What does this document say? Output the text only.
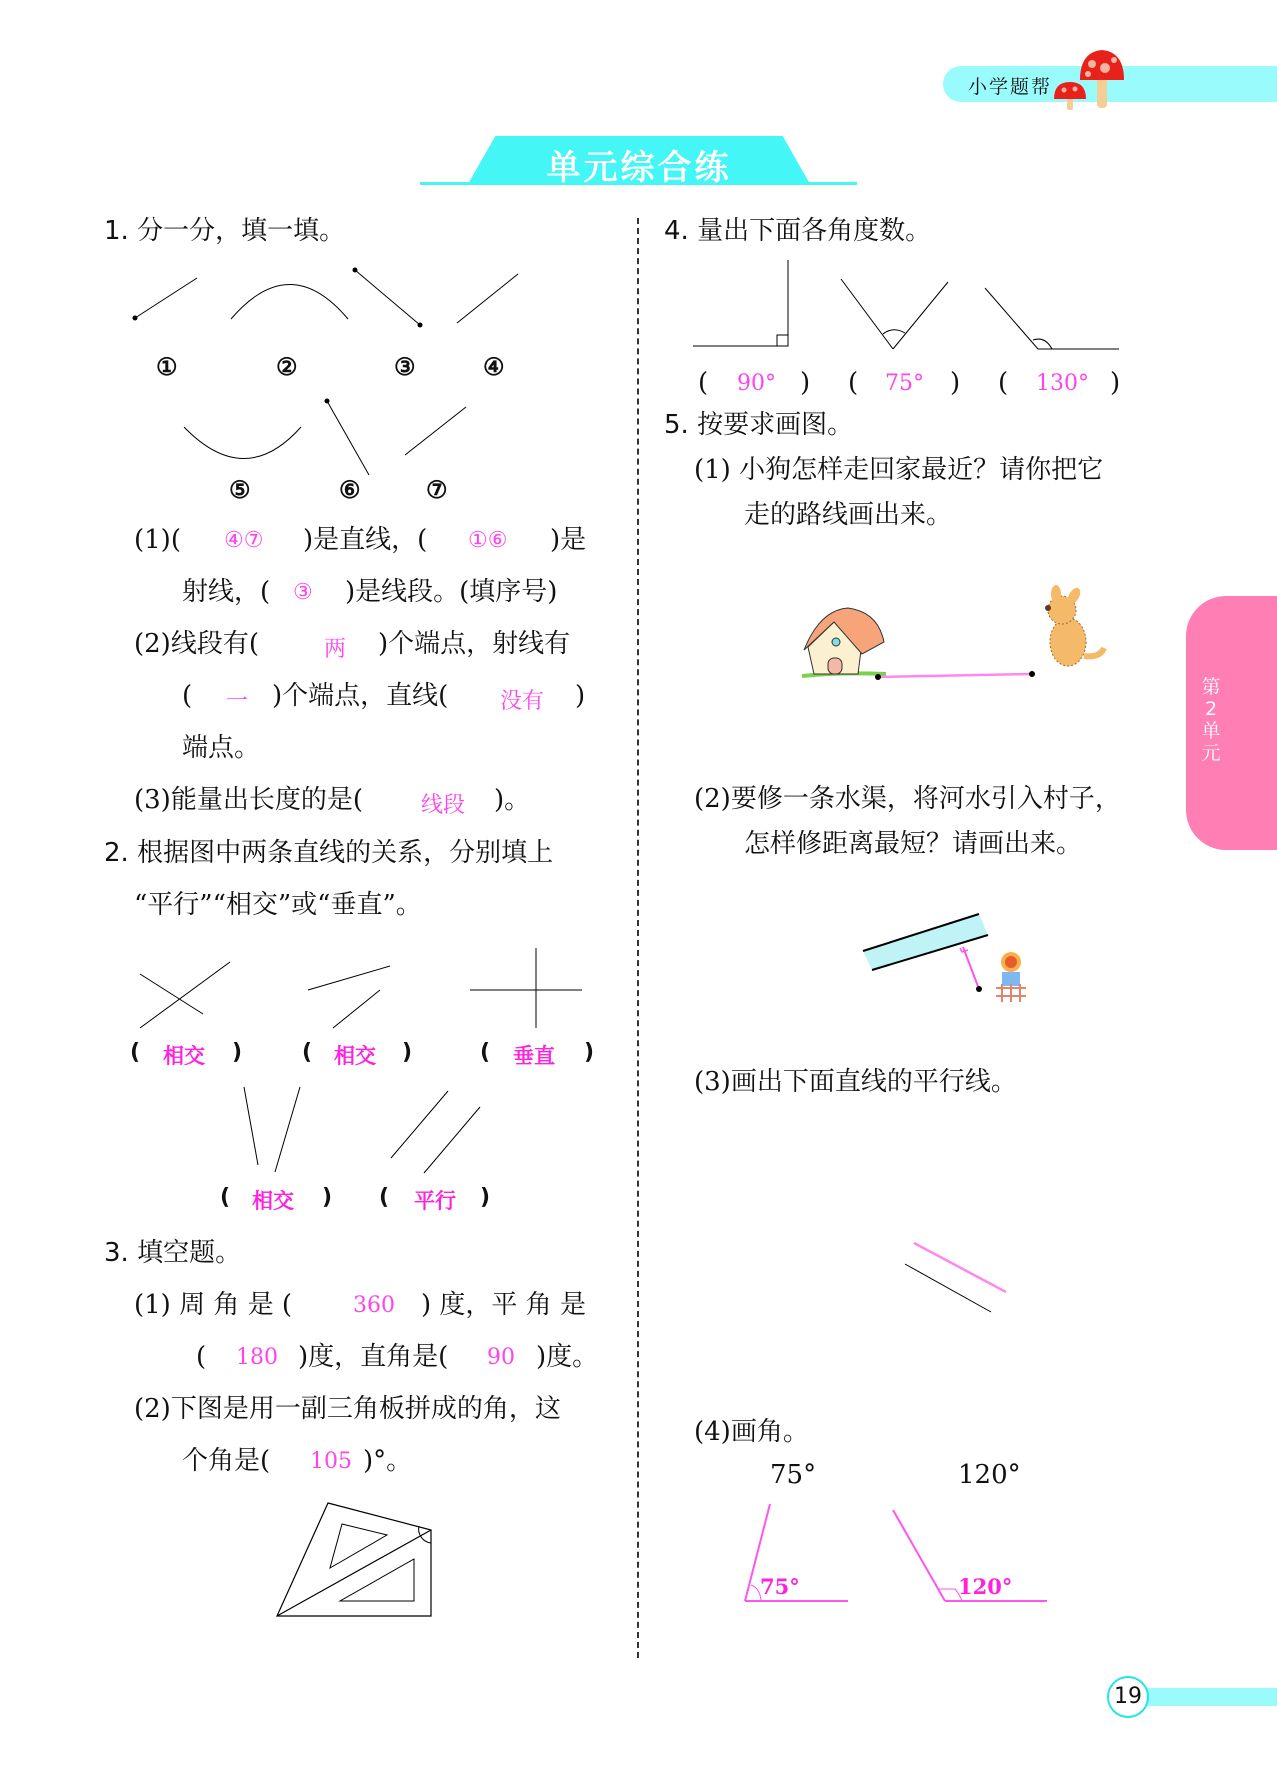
小学题帮
单元综合练
第2单元
1. 分一分，填一填。
①	②	③	④
⑤	⑥	⑦
(1)( ④⑦ )是直线，( ①⑥ )是
射线，( ③ )是线段。(填序号)
(2)线段有(	两 )个端点，射线有
( 一 )个端点，直线( 没有 )
端点。
(3)能量出长度的是(	线段 )。
2. 根据图中两条直线的关系，分别填上
“平行”“相交”或“垂直”。
( 相交 )	( 相交 )	( 垂直 )
( 相交 ) ( 平行 )
3. 填空题。
(1) 周 角 是 (	360 ) 度，平 角 是
( 180 )度，直角是( 90 )度。
(2)下图是用一副三角板拼成的角，这
个角是( 105 )°。
4. 量出下面各角度数。
( 90° ) ( 75° ) ( 130° )
5. 按要求画图。
(1) 小狗怎样走回家最近？请你把它
走的路线画出来。
(2)要修一条水渠，将河水引入村子，
怎样修距离最短？请画出来。
(3)画出下面直线的平行线。
(4)画角。
75°	120°
75°	120°
19
